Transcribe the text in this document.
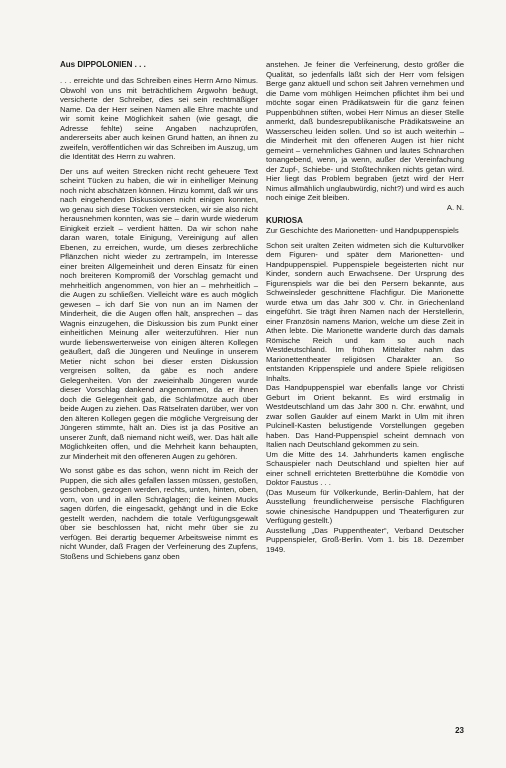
Aus DIPPOLONIEN . . .

. . . erreichte und das Schreiben eines Herrn Arno Nimus. Obwohl von uns mit beträchtlichem Argwohn beäugt, versicherte der Schreiber, dies sei sein rechtmäßiger Name. Da der Herr seinen Namen alle Ehre machte und wir somit keine Möglichkeit sahen (wie gesagt, die Adresse fehlte) seine Angaben nachzuprüfen, andererseits aber auch keinen Grund hatten, an ihnen zu zweifeln, veröffentlichen wir das Schreiben im Auszug, um die Identität des Herrn zu wahren.

Der uns auf weiten Strecken nicht recht geheuere Text scheint Tücken zu haben, die wir in einhelliger Meinung noch nicht abschätzen können. Hinzu kommt, daß wir uns nach eingehenden Diskussionen nicht einigen konnten, wo genau sich diese Tücken verstecken, wir sie also nicht herausnehmen konnten, was sie – darin wurde wiederum Einigkeit erzielt – verdient hätten. Da wir schon nahe daran waren, totale Einigung, Vereinigung auf allen Ebenen, zu erreichen, wurde, um dieses zerbrechliche Pflänzchen nicht wieder zu zertrampeln, im Interesse einer breiten Allgemeinheit und deren Einsatz für einen noch breiteren Kompromiß der Vorschlag gemacht und mehrheitlich angenommen, von hier an – mehrheitlich – die Augen zu schließen. Vielleicht wäre es auch möglich gewesen – ich darf Sie von nun an im Namen der Minderheit, die die Augen offen hält, ansprechen – das Wagnis einzugehen, die Diskussion bis zum Punkt einer einheitlichen Meinung aller weiterzuführen. Hier nun wurde liebenswerterweise von einigen älteren Kollegen geäußert, daß die Jüngeren und Neulinge in unserem Metier nicht schon bei dieser ersten Diskussion vergreisen sollten, da gäbe es noch andere Gelegenheiten. Von der zweieinhalb Jüngeren wurde dieser Vorschlag dankend angenommen, da er ihnen doch die Gelegenheit gab, die Schlafmütze auch über beide Augen zu ziehen. Das Rätselraten darüber, wer von den älteren Kollegen gegen die mögliche Vergreisung der Jüngeren stimmte, hält an. Dies ist ja das Positive an unserer Zunft, daß niemand nicht weiß, wer. Das hält alle Möglichkeiten offen, und die Mehrheit kann behaupten, zur Minderheit mit den offeneren Augen zu gehören.

Wo sonst gäbe es das schon, wenn nicht im Reich der Puppen, die sich alles gefallen lassen müssen, gestoßen, geschoben, gezogen werden, rechts, unten, hinten, oben, vorn, von und in allen Schräglagen; die keinen Mucks sagen dürfen, die eingesackt, gehängt und in die Ecke gestellt werden, nachdem die totale Verfügungsgewalt über sie beschlossen hat, nicht mehr über sie zu verfügen. Bei derartig bequemer Arbeitsweise nimmt es nicht Wunder, daß Fragen der Verfeinerung des Zupfens, Stoßens und Schiebens ganz oben

anstehen. Je feiner die Verfeinerung, desto größer die Qualität, so jedenfalls läßt sich der Herr vom felsigen Berge ganz aktuell und schon seit Jahren vernehmen und die Dame vom mühligen Heimchen pflichtet ihm bei und möchte sogar einen Prädikatswein für die ganz feinen Puppenbühnen stiften, wobei Herr Nimus an dieser Stelle anmerkt, daß bundesrepublikanische Prädikatsweine an Wasserscheu leiden sollen. Und so ist auch weiterhin – die Minderheit mit den offeneren Augen ist hier nicht gemeint – vernehmliches Gähnen und lautes Schnarchen tonangebend, wenn, ja wenn, außer der Vereinfachung der Zupf-, Schiebe- und Stoßtechniken nichts getan wird. Hier liegt das Problem begraben (jetzt wird der Herr Nimus allmählich unglaubwürdig, nicht?) und wird es auch noch einige Zeit bleiben.

A. N.
KURIOSA

Zur Geschichte des Marionetten- und Handpuppenspiels

Schon seit uralten Zeiten widmeten sich die Kulturvölker dem Figuren- und später dem Marionetten- und Handpuppenspiel. Puppenspiele begeisterten nicht nur Kinder, sondern auch Erwachsene. Der Ursprung des Figurenspiels war die bei den Persern bekannte, aus Schweinsleder geschnittene Flachfigur. Die Marionette wurde etwa um das Jahr 300 v. Chr. in Griechenland eingeführt. Sie trägt ihren Namen nach der Herstellerin, einer Französin namens Marion, welche um diese Zeit in Athen lebte. Die Marionette wanderte durch das damals Römische Reich und kam so auch nach Westdeutschland. Im frühen Mittelalter nahm das Marionettentheater religiösen Charakter an. So entstanden Krippenspiele und andere Spiele religiösen Inhalts.

Das Handpuppenspiel war ebenfalls lange vor Christi Geburt im Orient bekannt. Es wird erstmalig in Westdeutschland um das Jahr 300 n. Chr. erwähnt, und zwar sollen Gaukler auf einem Markt in Ulm mit ihren Pulcinell-Kasten belustigende Vorstellungen gegeben haben. Das Hand-Puppenspiel scheint demnach von Italien nach Deutschland gekommen zu sein.

Um die Mitte des 14. Jahrhunderts kamen englische Schauspieler nach Deutschland und spielten hier auf einer schnell errichteten Bretterbühne die Komödie von Doktor Faustus . . .

(Das Museum für Völkerkunde, Berlin-Dahlem, hat der Ausstellung freundlicherweise persische Flachfiguren sowie chinesische Handpuppen und Theaterfiguren zur Verfügung gestellt.)

Ausstellung „Das Puppentheater“, Verband Deutscher Puppenspieler, Groß-Berlin. Vom 1. bis 18. Dezember 1949.

23
